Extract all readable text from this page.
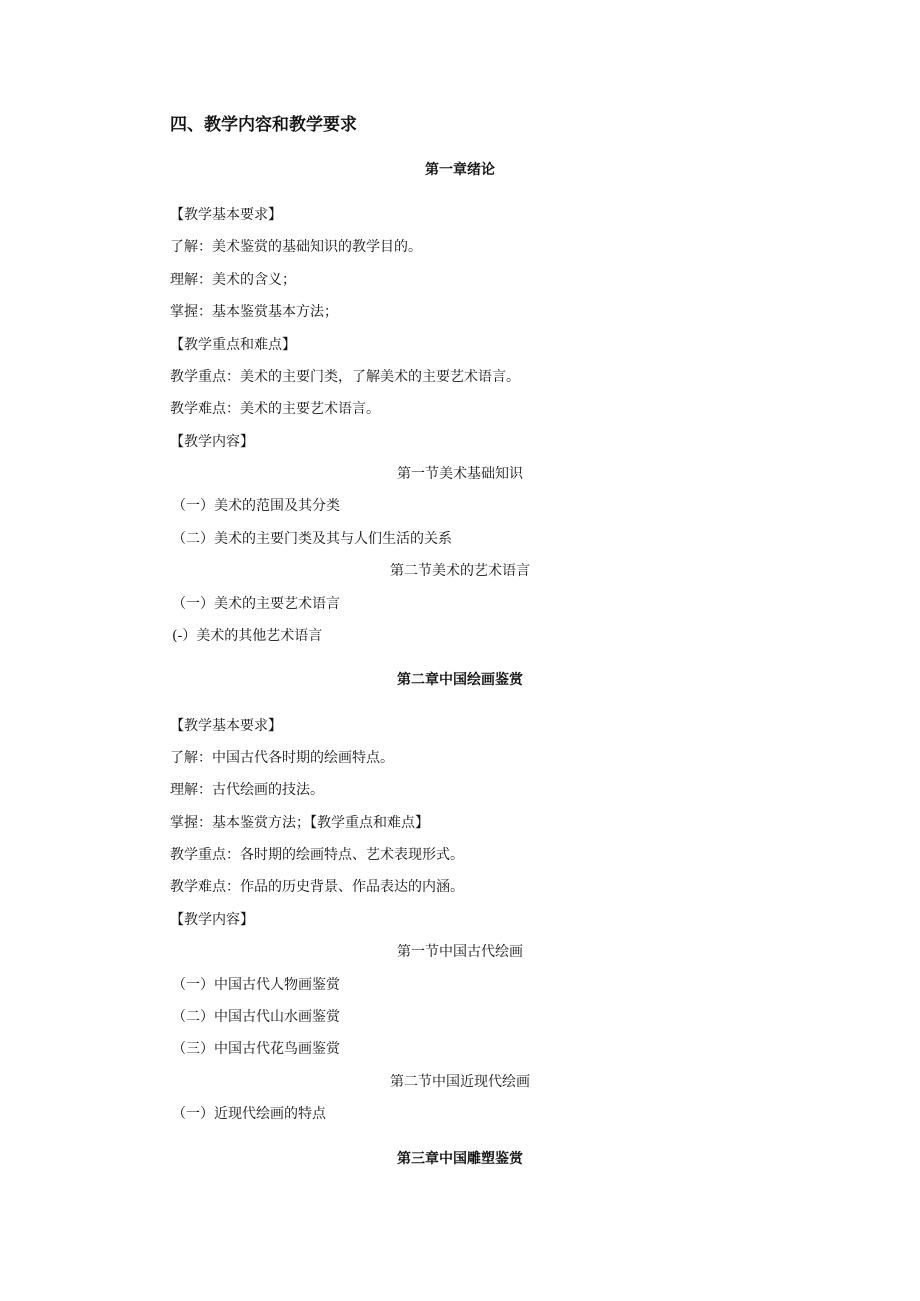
四、教学内容和教学要求
第一章绪论
【教学基本要求】
了解：美术鉴赏的基础知识的教学目的。
理解：美术的含义；
掌握：基本鉴赏基本方法；
【教学重点和难点】
教学重点：美术的主要门类，了解美术的主要艺术语言。
教学难点：美术的主要艺术语言。
【教学内容】
第一节美术基础知识
（一）美术的范围及其分类
（二）美术的主要门类及其与人们生活的关系
第二节美术的艺术语言
（一）美术的主要艺术语言
(-）美术的其他艺术语言
第二章中国绘画鉴赏
【教学基本要求】
了解：中国古代各时期的绘画特点。
理解：古代绘画的技法。
掌握：基本鉴赏方法；【教学重点和难点】
教学重点：各时期的绘画特点、艺术表现形式。
教学难点：作品的历史背景、作品表达的内涵。
【教学内容】
第一节中国古代绘画
（一）中国古代人物画鉴赏
（二）中国古代山水画鉴赏
（三）中国古代花鸟画鉴赏
第二节中国近现代绘画
（一）近现代绘画的特点
第三章中国雕塑鉴赏
